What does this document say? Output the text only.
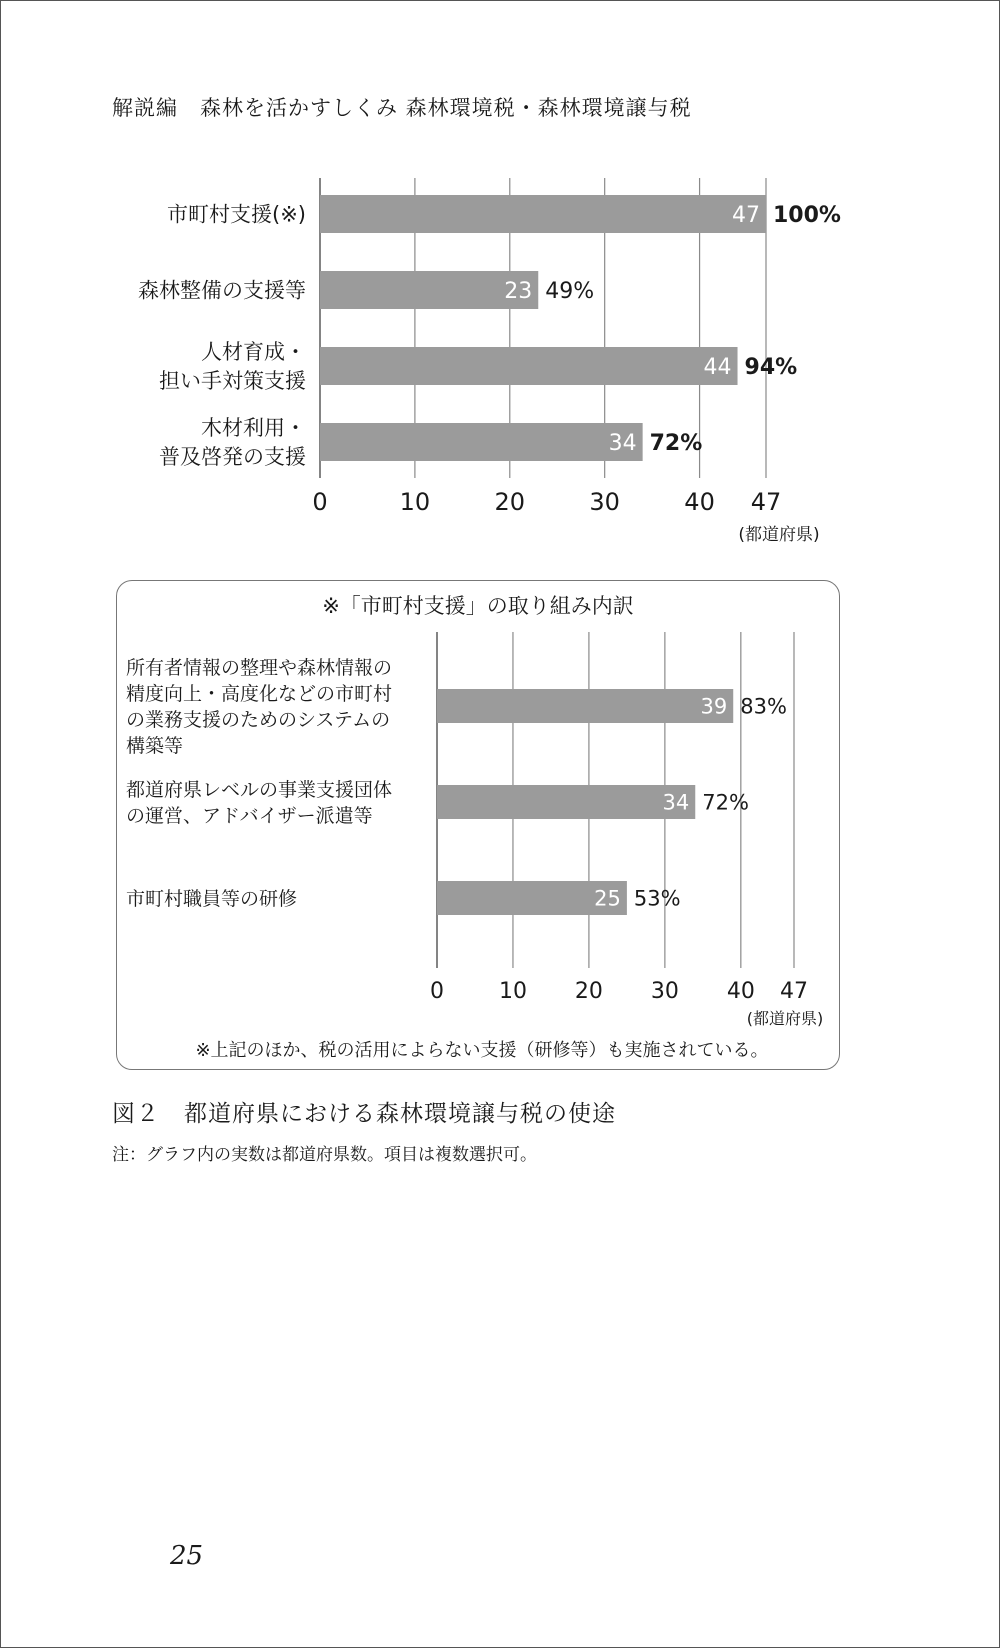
解説編　森林を活かすしくみ 森林環境税・森林環境譲与税
47 100%
市町村支援(※)
23 49%
森林整備の支援等
44 94%
人材育成・
担い手対策支援
34 72%
木材利用・
普及啓発の支援
0	10	20	30	40 47
(都道府県)
※「市町村支援」の取り組み内訳
39 83%
所有者情報の整理や森林情報の
精度向上・高度化などの市町村
の業務支援のためのシステムの
構築等
34 72%
都道府県レベルの事業支援団体
の運営、アドバイザー派遣等
25 53%
市町村職員等の研修
0 10 20 30 40 47
(都道府県)
※上記のほか、税の活用によらない支援（研修等）も実施されている。
図２　都道府県における森林環境譲与税の使途
注：グラフ内の実数は都道府県数。項目は複数選択可。
25
